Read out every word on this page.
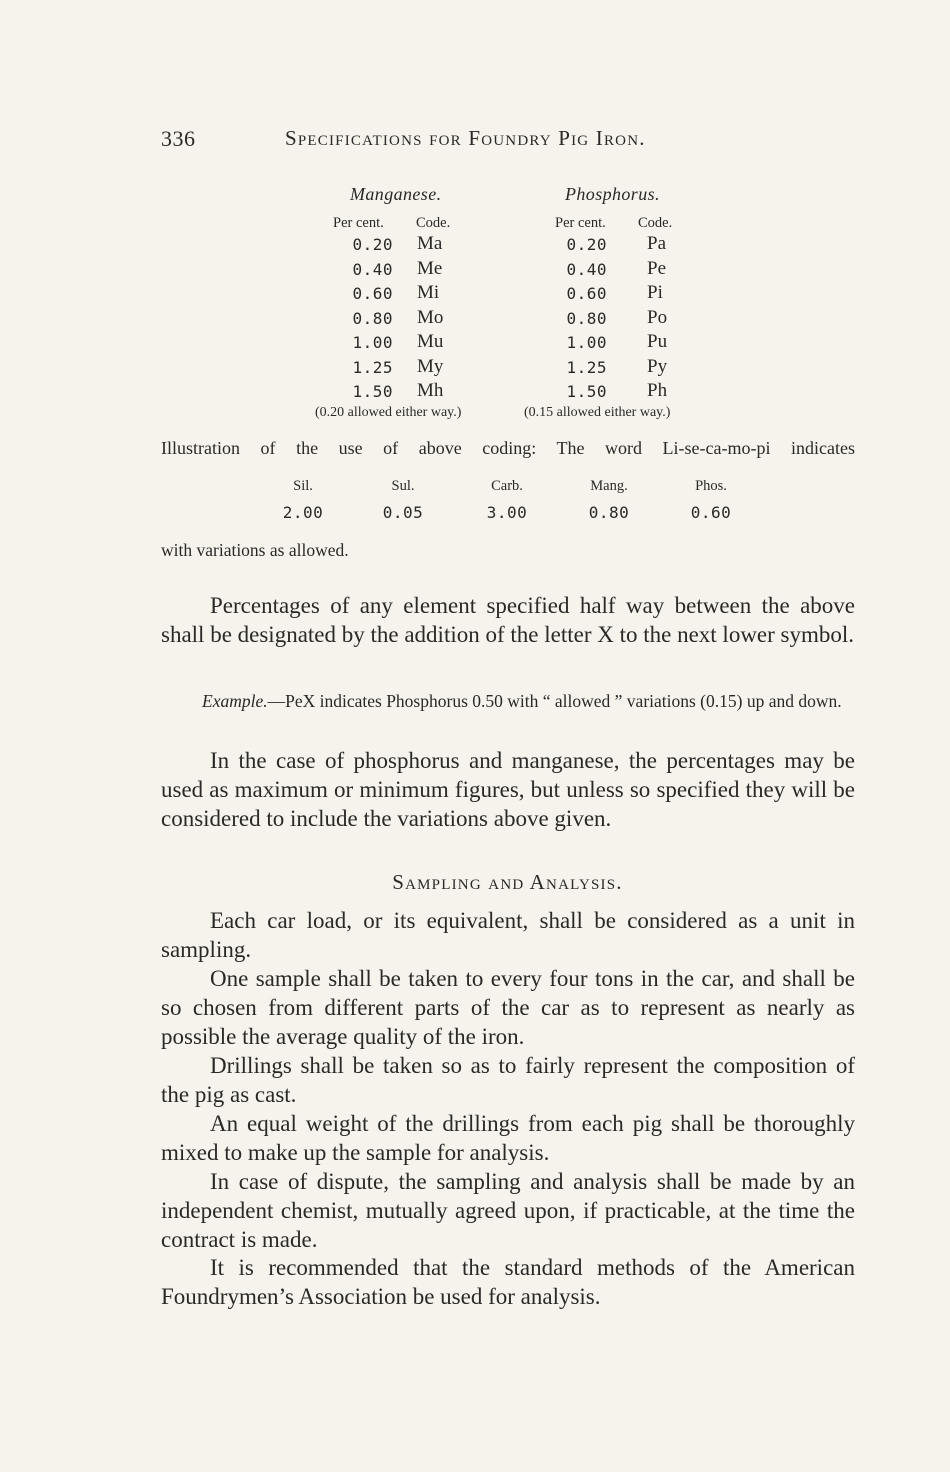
336	Specifications for Foundry Pig Iron.
Manganese.
Per cent. Code.
0.20 Ma
0.40 Me
0.60 Mi
0.80 Mo
1.00 Mu
1.25 My
1.50 Mh
(0.20 allowed either way.)
Phosphorus.
Per cent. Code.
0.20 Pa
0.40 Pe
0.60 Pi
0.80 Po
1.00 Pu
1.25 Py
1.50 Ph
(0.15 allowed either way.)
Illustration of the use of above coding: The word Li-se-ca-mo-pi indicates
Sil.
2.00
Sul.
0.05
Carb.
3.00
Mang.
0.80
Phos.
0.60
with variations as allowed.

Percentages of any element specified half way between the above shall be designated by the addition of the letter X to the next lower symbol.

Example.—PeX indicates Phosphorus 0.50 with “ allowed ” variations (0.15) up and down.

In the case of phosphorus and manganese, the percentages may be used as maximum or minimum figures, but unless so specified they will be considered to include the variations above given.

Sampling and Analysis.

Each car load, or its equivalent, shall be considered as a unit in sampling.

One sample shall be taken to every four tons in the car, and shall be so chosen from different parts of the car as to represent as nearly as possible the average quality of the iron.

Drillings shall be taken so as to fairly represent the composition of the pig as cast.

An equal weight of the drillings from each pig shall be thoroughly mixed to make up the sample for analysis.

In case of dispute, the sampling and analysis shall be made by an independent chemist, mutually agreed upon, if practicable, at the time the contract is made.

It is recommended that the standard methods of the American Foundrymen’s Association be used for analysis.
